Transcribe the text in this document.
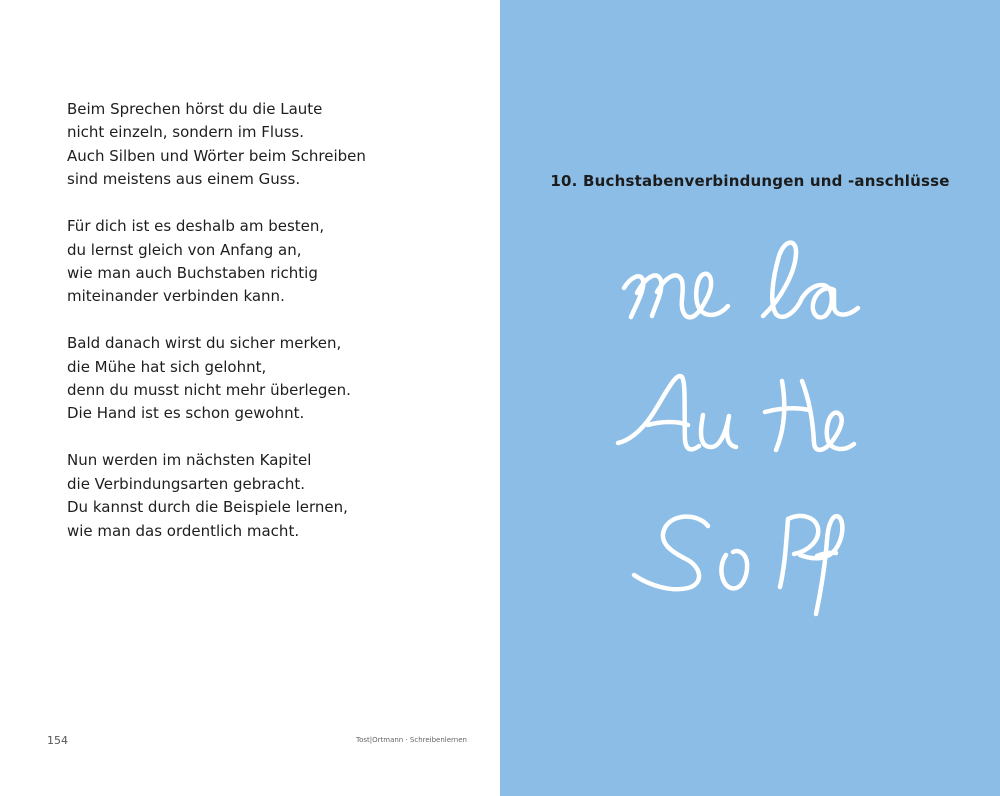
Beim Sprechen hörst du die Laute
nicht einzeln, sondern im Fluss.
Auch Silben und Wörter beim Schreiben
sind meistens aus einem Guss.

Für dich ist es deshalb am besten,
du lernst gleich von Anfang an,
wie man auch Buchstaben richtig
miteinander verbinden kann.

Bald danach wirst du sicher merken,
die Mühe hat sich gelohnt,
denn du musst nicht mehr überlegen.
Die Hand ist es schon gewohnt.

Nun werden im nächsten Kapitel
die Verbindungsarten gebracht.
Du kannst durch die Beispiele lernen,
wie man das ordentlich macht.

154	Tost|Ortmann · Schreibenlernen
10. Buchstabenverbindungen und -anschlüsse
